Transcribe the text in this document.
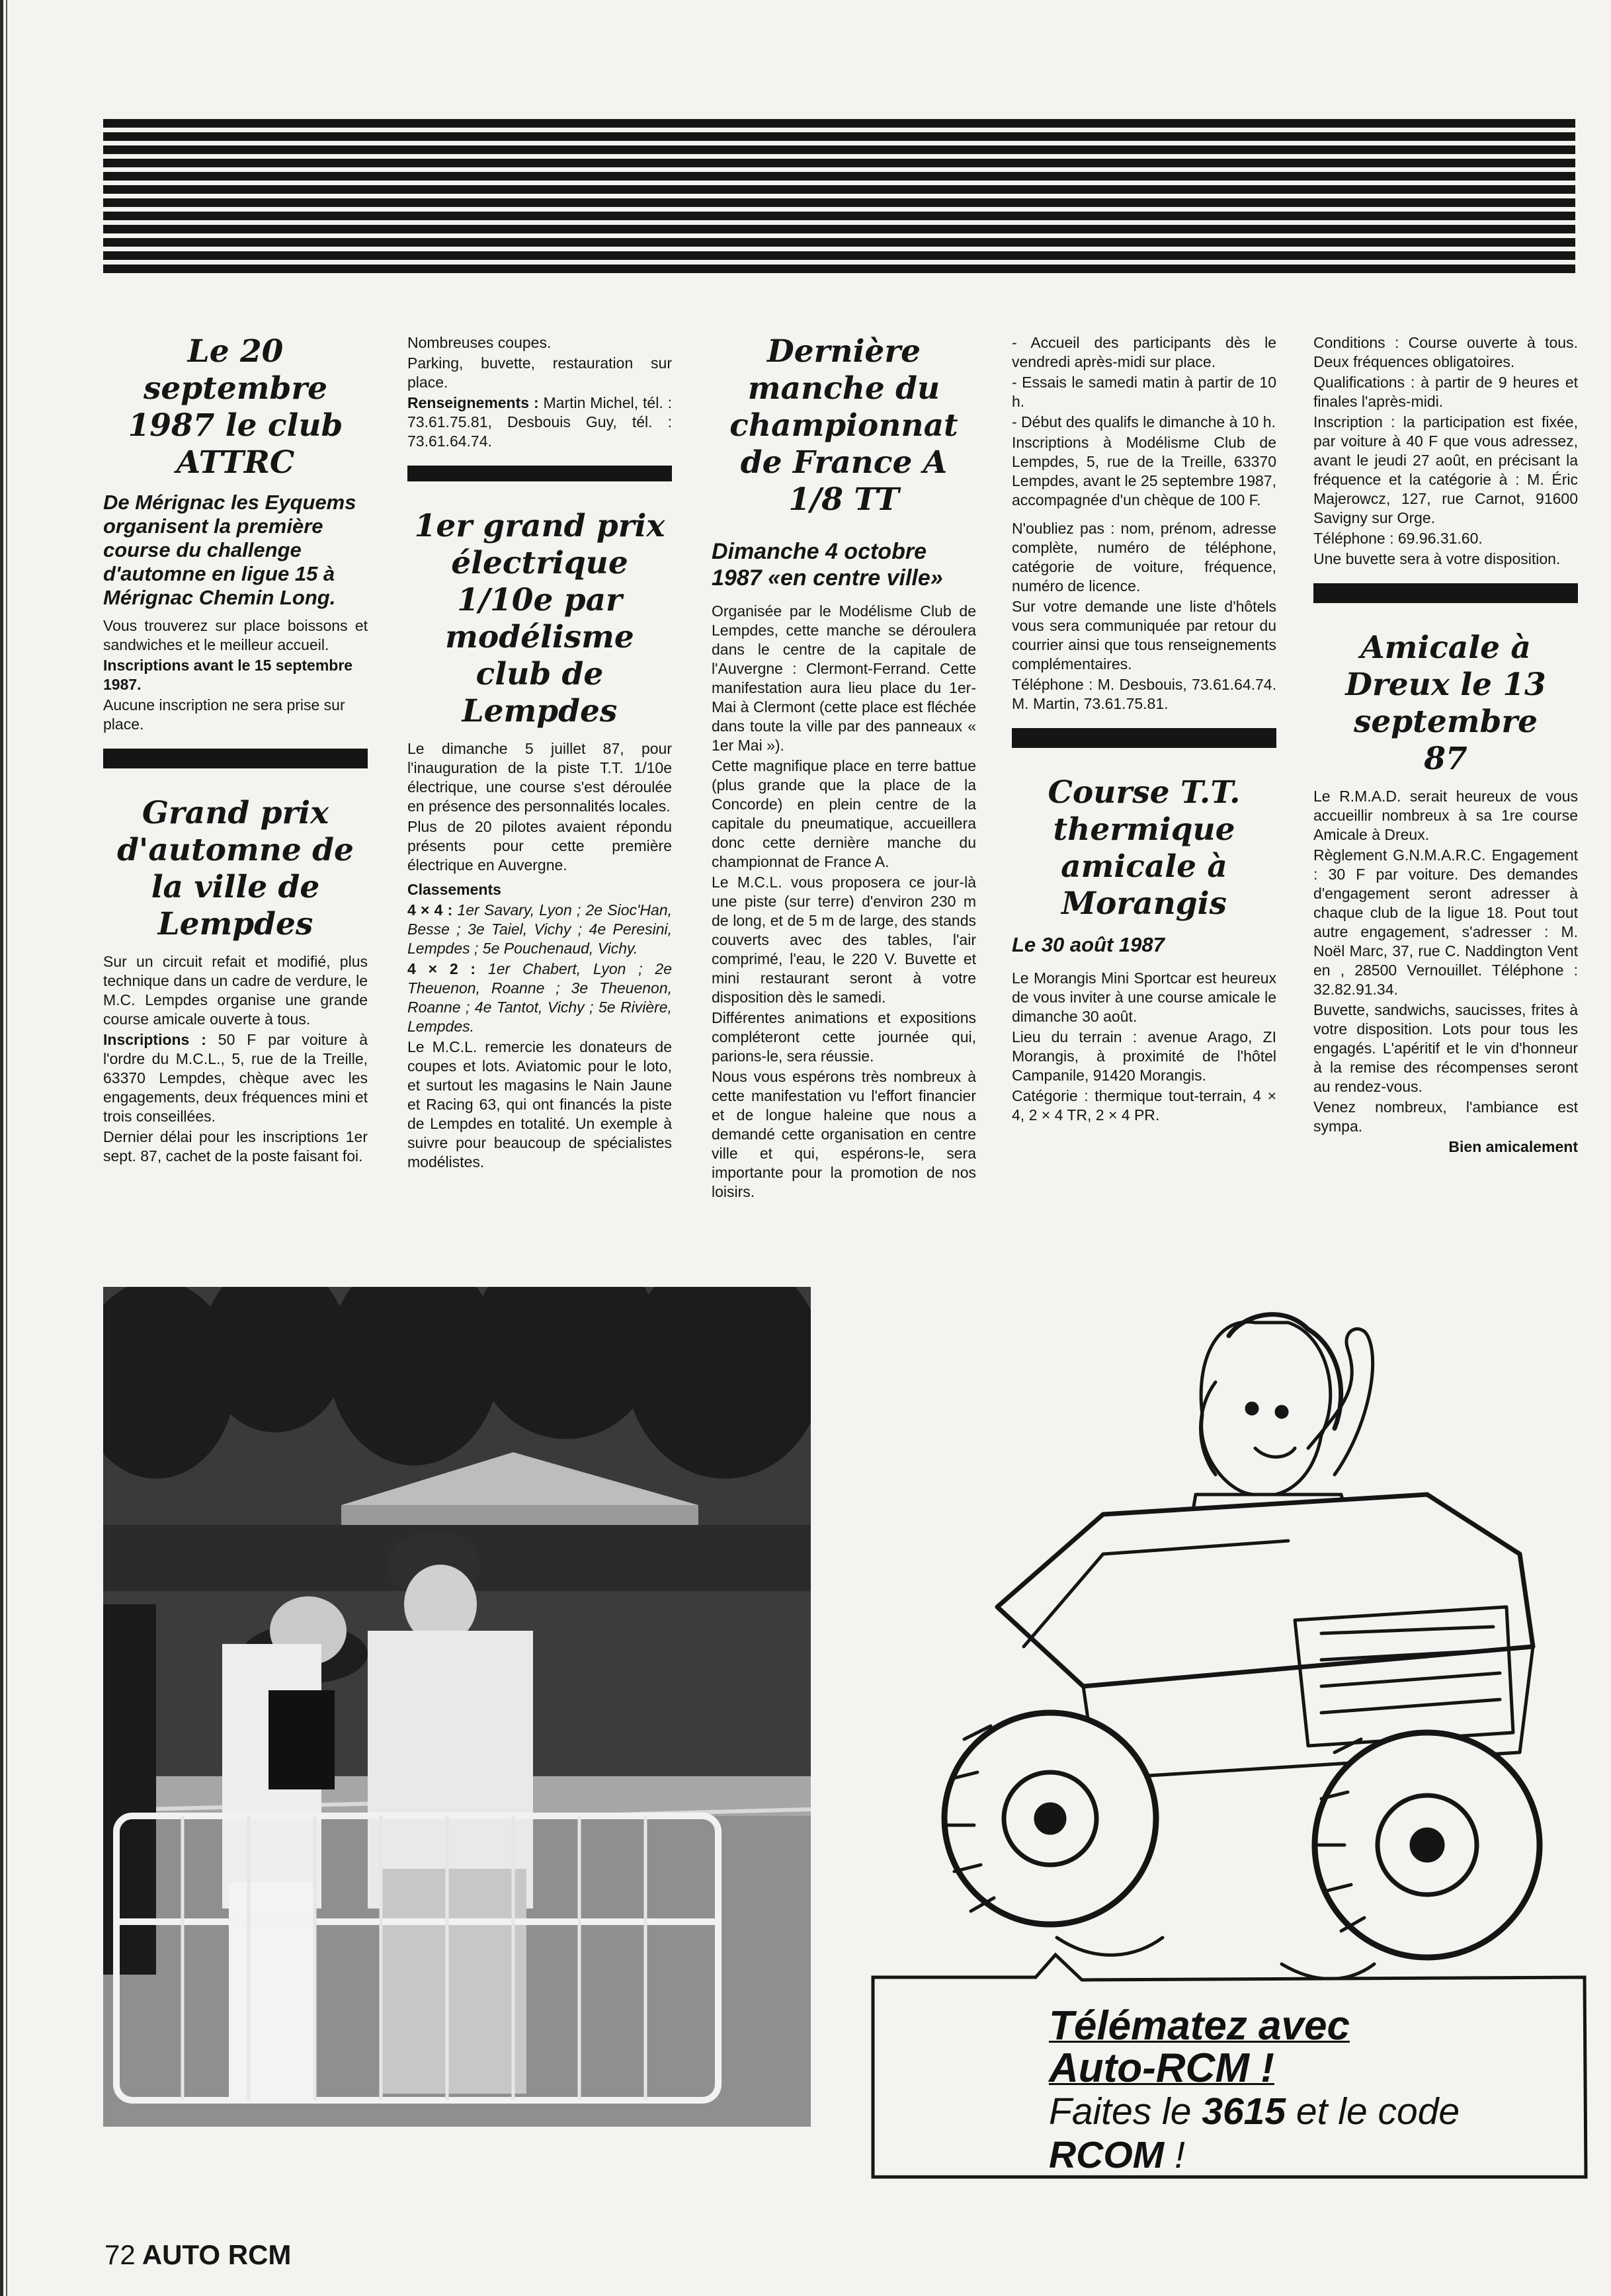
Le 20 septembre 1987 le club ATTRC
De Mérignac les Eyquems organisent la première course du challenge d'automne en ligue 15 à Mérignac Chemin Long.

Vous trouverez sur place boissons et sandwiches et le meilleur accueil.

Inscriptions avant le 15 septembre 1987.

Aucune inscription ne sera prise sur place.

Grand prix d'automne de la ville de Lempdes

Sur un circuit refait et modifié, plus technique dans un cadre de verdure, le M.C. Lempdes organise une grande course amicale ouverte à tous.

Inscriptions : 50 F par voiture à l'ordre du M.C.L., 5, rue de la Treille, 63370 Lempdes, chèque avec les engagements, deux fréquences mini et trois conseillées.

Dernier délai pour les inscriptions 1er sept. 87, cachet de la poste faisant foi.

Nombreuses coupes.

Parking, buvette, restauration sur place.

Renseignements : Martin Michel, tél. : 73.61.75.81, Desbouis Guy, tél. : 73.61.64.74.

1er grand prix électrique 1/10e par modélisme club de Lempdes

Le dimanche 5 juillet 87, pour l'inauguration de la piste T.T. 1/10e électrique, une course s'est déroulée en présence des personnalités locales.

Plus de 20 pilotes avaient répondu présents pour cette première électrique en Auvergne.

Classements

4 × 4 : 1er Savary, Lyon ; 2e Sioc'Han, Besse ; 3e Taiel, Vichy ; 4e Peresini, Lempdes ; 5e Pouchenaud, Vichy.

4 × 2 : 1er Chabert, Lyon ; 2e Theuenon, Roanne ; 3e Theuenon, Roanne ; 4e Tantot, Vichy ; 5e Rivière, Lempdes.

Le M.C.L. remercie les donateurs de coupes et lots. Aviatomic pour le loto, et surtout les magasins le Nain Jaune et Racing 63, qui ont financés la piste de Lempdes en totalité. Un exemple à suivre pour beaucoup de spécialistes modélistes.

Dernière manche du championnat de France A 1/8 TT
Dimanche 4 octobre 1987 «en centre ville»

Organisée par le Modélisme Club de Lempdes, cette manche se déroulera dans le centre de la capitale de l'Auvergne : Clermont-Ferrand. Cette manifestation aura lieu place du 1er-Mai à Clermont (cette place est fléchée dans toute la ville par des panneaux « 1er Mai »).

Cette magnifique place en terre battue (plus grande que la place de la Concorde) en plein centre de la capitale du pneumatique, accueillera donc cette dernière manche du championnat de France A.

Le M.C.L. vous proposera ce jour-là une piste (sur terre) d'environ 230 m de long, et de 5 m de large, des stands couverts avec des tables, l'air comprimé, l'eau, le 220 V. Buvette et mini restaurant seront à votre disposition dès le samedi.

Différentes animations et expositions compléteront cette journée qui, parions-le, sera réussie.

Nous vous espérons très nombreux à cette manifestation vu l'effort financier et de longue haleine que nous a demandé cette organisation en centre ville et qui, espérons-le, sera importante pour la promotion de nos loisirs.

- Accueil des participants dès le vendredi après-midi sur place.

- Essais le samedi matin à partir de 10 h.

- Début des qualifs le dimanche à 10 h.

Inscriptions à Modélisme Club de Lempdes, 5, rue de la Treille, 63370 Lempdes, avant le 25 septembre 1987, accompagnée d'un chèque de 100 F.

N'oubliez pas : nom, prénom, adresse complète, numéro de téléphone, catégorie de voiture, fréquence, numéro de licence.

Sur votre demande une liste d'hôtels vous sera communiquée par retour du courrier ainsi que tous renseignements complémentaires.

Téléphone : M. Desbouis, 73.61.64.74. M. Martin, 73.61.75.81.

Course T.T. thermique amicale à Morangis
Le 30 août 1987

Le Morangis Mini Sportcar est heureux de vous inviter à une course amicale le dimanche 30 août.

Lieu du terrain : avenue Arago, ZI Morangis, à proximité de l'hôtel Campanile, 91420 Morangis.

Catégorie : thermique tout-terrain, 4 × 4, 2 × 4 TR, 2 × 4 PR.

Conditions : Course ouverte à tous. Deux fréquences obligatoires.

Qualifications : à partir de 9 heures et finales l'après-midi.

Inscription : la participation est fixée, par voiture à 40 F que vous adressez, avant le jeudi 27 août, en précisant la fréquence et la catégorie à : M. Éric Majerowcz, 127, rue Carnot, 91600 Savigny sur Orge.

Téléphone : 69.96.31.60.

Une buvette sera à votre disposition.

Amicale à Dreux le 13 septembre 87

Le R.M.A.D. serait heureux de vous accueillir nombreux à sa 1re course Amicale à Dreux.

Règlement G.N.M.A.R.C. Engagement : 30 F par voiture. Des demandes d'engagement seront adresser à chaque club de la ligue 18. Pout tout autre engagement, s'adresser : M. Noël Marc, 37, rue C. Naddington Vent en , 28500 Vernouillet. Téléphone : 32.82.91.34.

Buvette, sandwichs, saucisses, frites à votre disposition. Lots pour tous les engagés. L'apéritif et le vin d'honneur à la remise des récompenses seront au rendez-vous.

Venez nombreux, l'ambiance est sympa.

Bien amicalement

Télématez avec
Auto-RCM !
Faites le 3615 et le code
RCOM !
72 AUTO RCM
